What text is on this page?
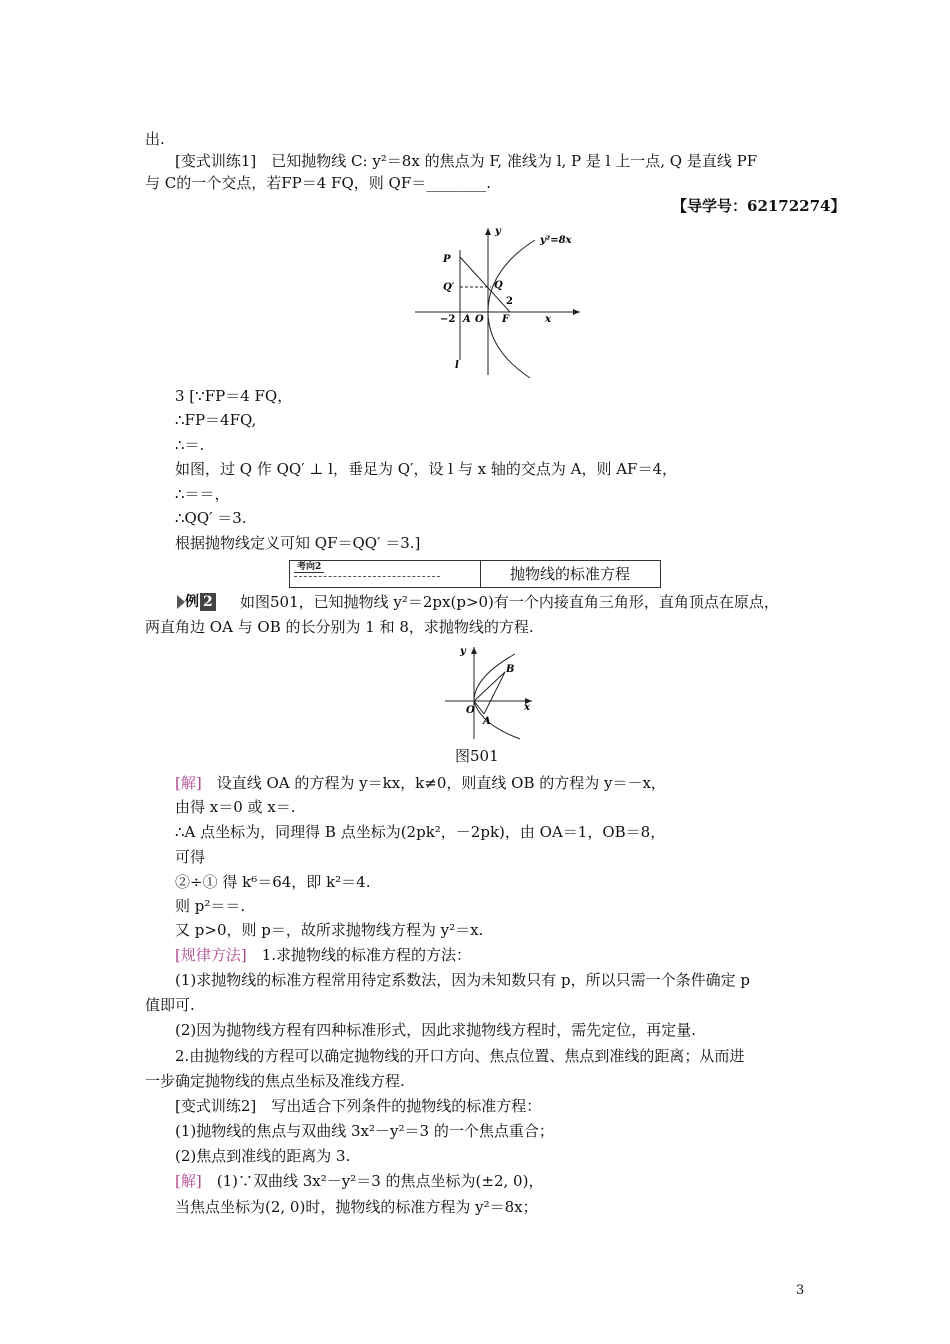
出.
[变式训练1]　已知抛物线 C: y²＝8x 的焦点为 F, 准线为 l, P 是 l 上一点, Q 是直线 PF
与 C的一个交点，若FP＝4 FQ，则 QF＝________.
【导学号：62172274】
y²=8x
y
x
P
Q′	Q
2
−2 A O F
l
3 [∵FP＝4 FQ，
∴FP＝4FQ,
∴＝.
如图，过 Q 作 QQ′ ⊥ l，垂足为 Q′，设 l 与 x 轴的交点为 A，则 AF＝4，
∴＝＝，
∴QQ′ ＝3.
根据抛物线定义可知 QF＝QQ′ ＝3.]
考向2	抛物线的标准方程
例 2 如图501，已知抛物线 y²＝2px(p>0)有一个内接直角三角形，直角顶点在原点，
两直角边 OA 与 OB 的长分别为 1 和 8，求抛物线的方程.
y
x
O
A
B
图501
[解]　设直线 OA 的方程为 y＝kx，k≠0，则直线 OB 的方程为 y＝－x，
由得 x＝0 或 x＝.
∴A 点坐标为，同理得 B 点坐标为(2pk²，－2pk)，由 OA＝1，OB＝8，
可得
②÷① 得 k⁶＝64，即 k²＝4.
则 p²＝＝.
又 p>0，则 p＝，故所求抛物线方程为 y²＝x.
[规律方法]　1.求抛物线的标准方程的方法：
(1)求抛物线的标准方程常用待定系数法，因为未知数只有 p，所以只需一个条件确定 p
值即可.
(2)因为抛物线方程有四种标准形式，因此求抛物线方程时，需先定位，再定量.
2.由抛物线的方程可以确定抛物线的开口方向、焦点位置、焦点到准线的距离；从而进
一步确定抛物线的焦点坐标及准线方程.
[变式训练2]　写出适合下列条件的抛物线的标准方程：
(1)抛物线的焦点与双曲线 3x²－y²＝3 的一个焦点重合；
(2)焦点到准线的距离为 3.
[解]　(1)∵双曲线 3x²－y²＝3 的焦点坐标为(±2, 0)，
当焦点坐标为(2, 0)时，抛物线的标准方程为 y²＝8x；
3
